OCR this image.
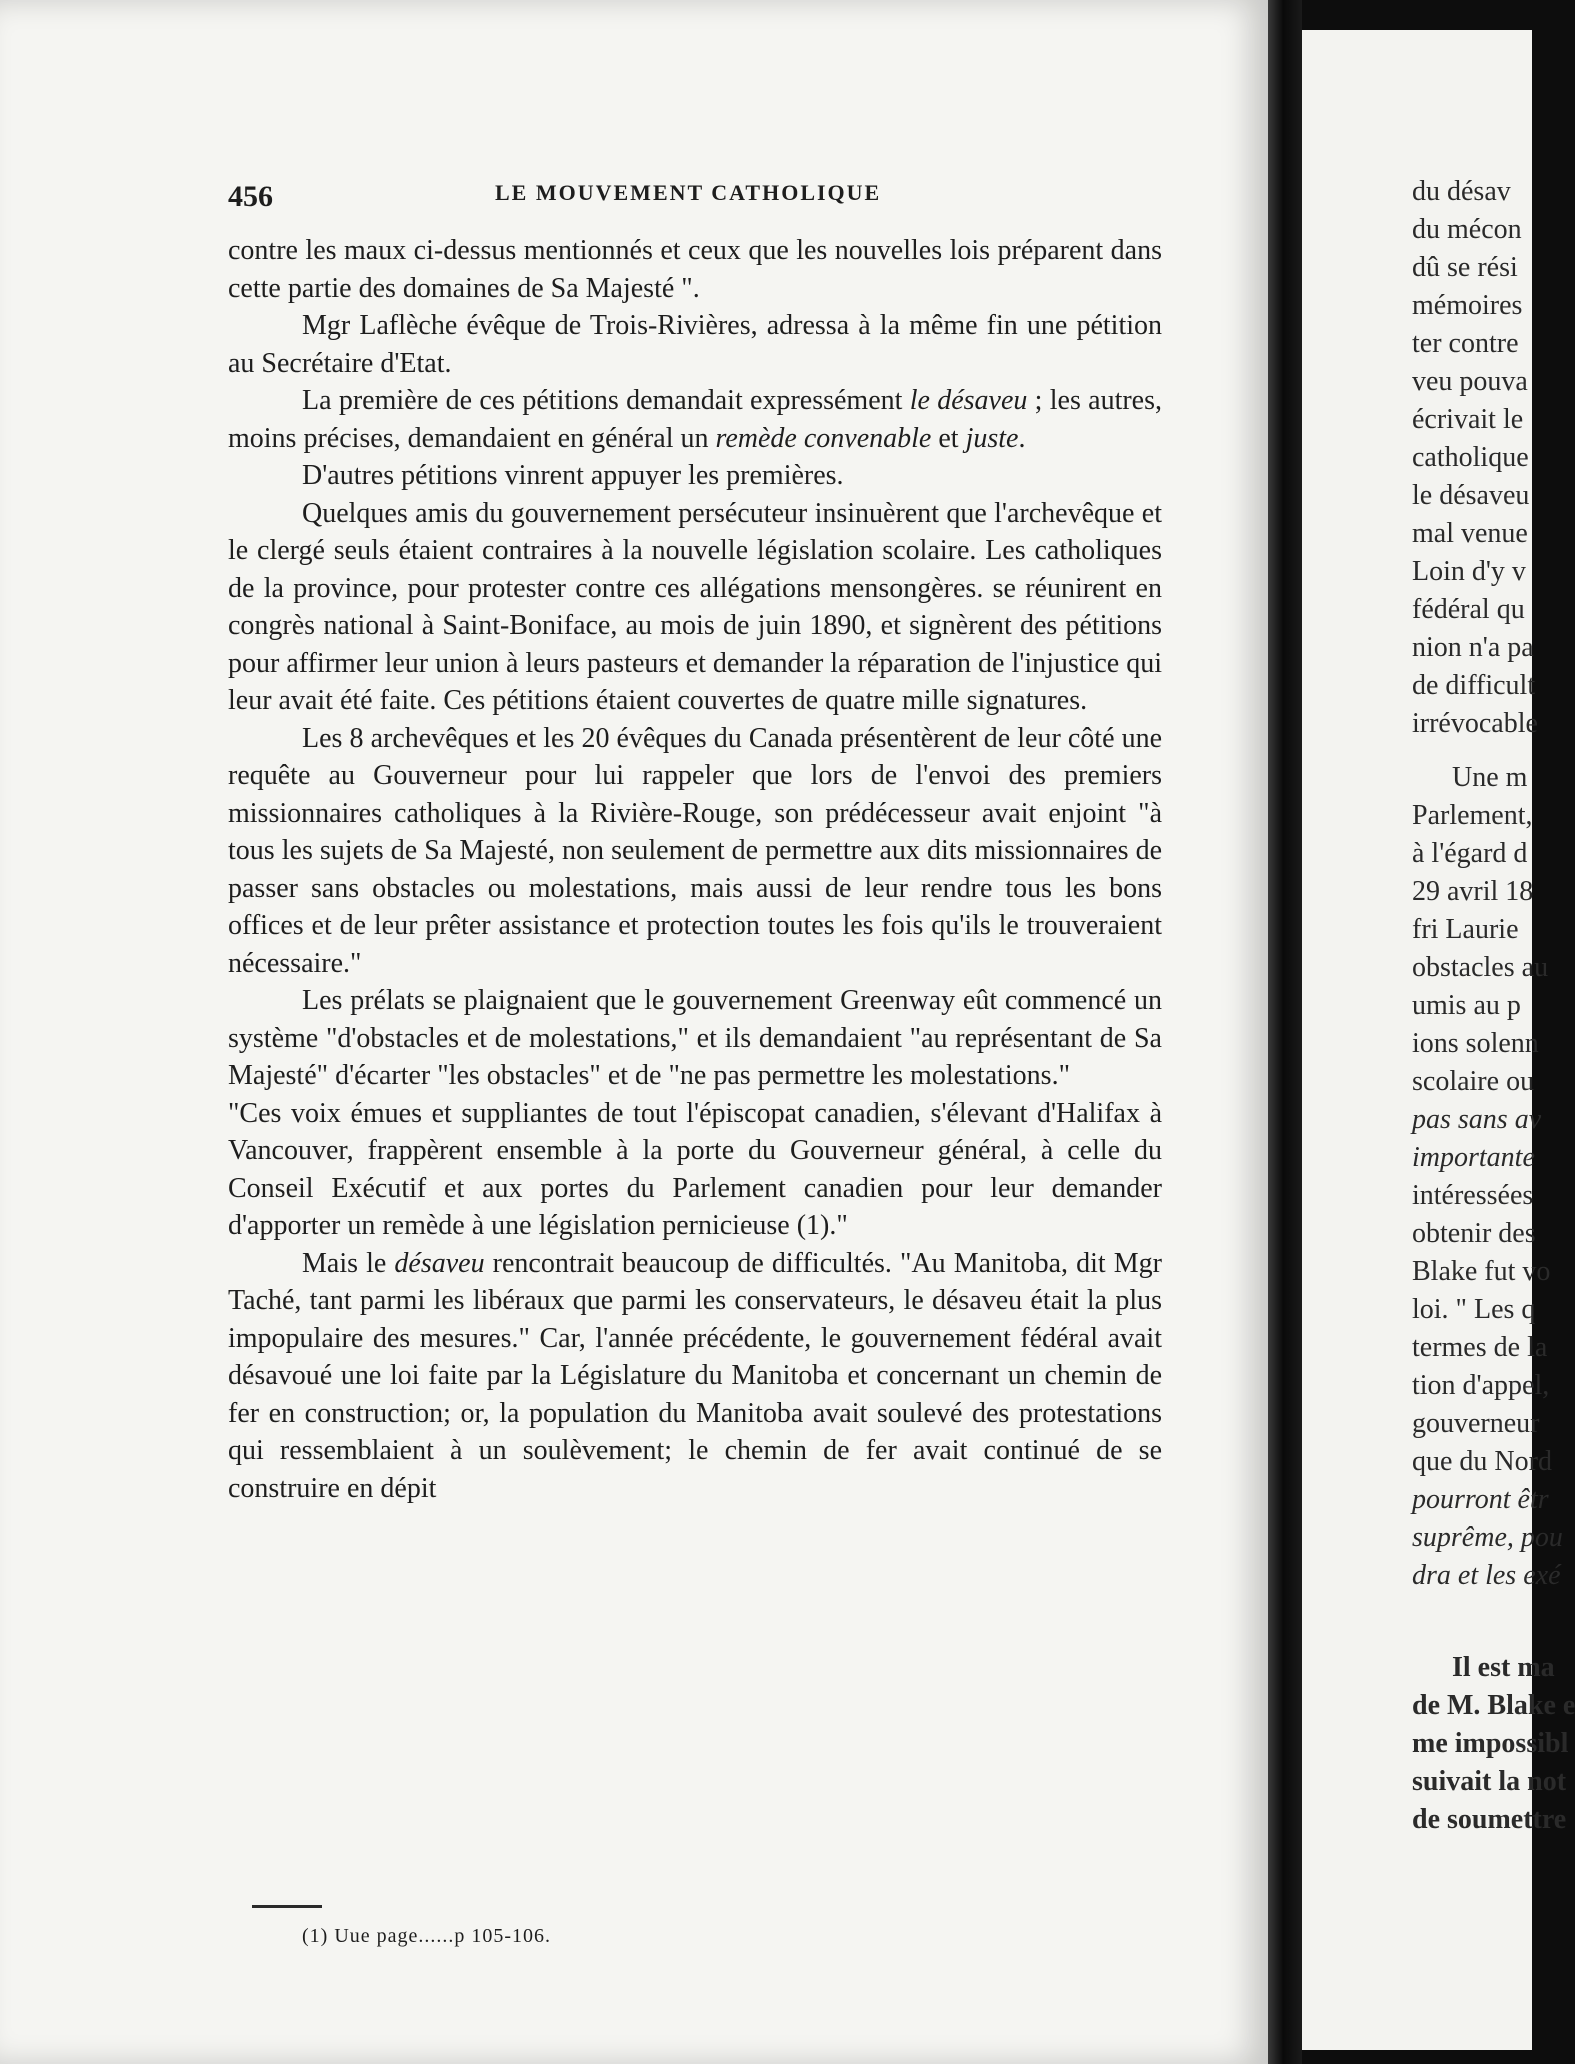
456	LE MOUVEMENT CATHOLIQUE

contre les maux ci-dessus mentionnés et ceux que les nouvelles lois préparent dans cette partie des domaines de Sa Majesté ".

Mgr Laflèche évêque de Trois-Rivières, adressa à la même fin une pétition au Secrétaire d'Etat.

La première de ces pétitions demandait expressément le désaveu ; les autres, moins précises, demandaient en général un remède convenable et juste.

D'autres pétitions vinrent appuyer les premières.

Quelques amis du gouvernement persécuteur insinuèrent que l'archevêque et le clergé seuls étaient contraires à la nouvelle législation scolaire. Les catholiques de la province, pour protester contre ces allégations mensongères. se réunirent en congrès national à Saint-Boniface, au mois de juin 1890, et signèrent des pétitions pour affirmer leur union à leurs pasteurs et demander la réparation de l'injustice qui leur avait été faite. Ces pétitions étaient couvertes de quatre mille signatures.

Les 8 archevêques et les 20 évêques du Canada présentèrent de leur côté une requête au Gouverneur pour lui rappeler que lors de l'envoi des premiers missionnaires catholiques à la Rivière-Rouge, son prédécesseur avait enjoint "à tous les sujets de Sa Majesté, non seulement de permettre aux dits missionnaires de passer sans obstacles ou molestations, mais aussi de leur rendre tous les bons offices et de leur prêter assistance et protection toutes les fois qu'ils le trouveraient nécessaire."

Les prélats se plaignaient que le gouvernement Greenway eût commencé un système "d'obstacles et de molestations," et ils demandaient "au représentant de Sa Majesté" d'écarter "les obstacles" et de "ne pas permettre les molestations."

"Ces voix émues et suppliantes de tout l'épiscopat canadien, s'élevant d'Halifax à Vancouver, frappèrent ensemble à la porte du Gouverneur général, à celle du Conseil Exécutif et aux portes du Parlement canadien pour leur demander d'apporter un remède à une législation pernicieuse (1)."

Mais le désaveu rencontrait beaucoup de difficultés. "Au Manitoba, dit Mgr Taché, tant parmi les libéraux que parmi les conservateurs, le désaveu était la plus impopulaire des mesures." Car, l'année précédente, le gouvernement fédéral avait désavoué une loi faite par la Législature du Manitoba et concernant un chemin de fer en construction; or, la population du Manitoba avait soulevé des protestations qui ressemblaient à un soulèvement; le chemin de fer avait continué de se construire en dépit

(1) Uue page......p 105-106.
du désav
du mécon
dû se rési
mémoires
ter contre
veu pouva
écrivait le
catholique
le désaveu
mal venue
Loin d'y v
fédéral qu
nion n'a pa
de difficult
irrévocable
Une m
Parlement,
à l'égard d
29 avril 18
fri Laurie
obstacles au
umis au p
ions solenn
scolaire ou
pas sans av
importante
intéressées
obtenir des
Blake fut vo
loi. " Les q
termes de la
tion d'appel,
gouverneur
que du Nord
pourront êtr
suprême, pou
dra et les exé
Il est ma
de M. Blake e
me impossibl
suivait la not
de soumettre
